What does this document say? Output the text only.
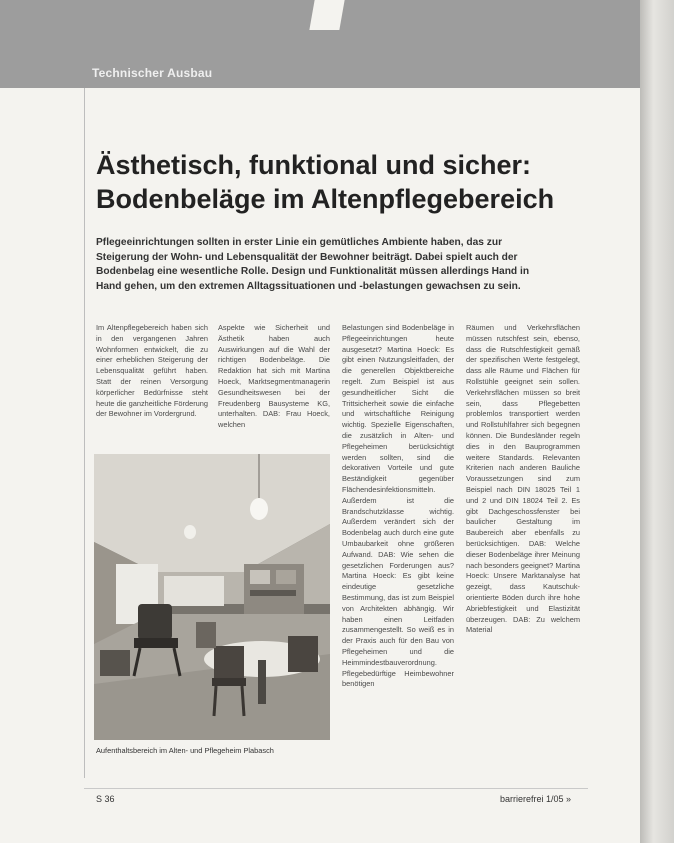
Technischer Ausbau
Ästhetisch, funktional und sicher:
Bodenbeläge im Altenpflegebereich

Pflegeeinrichtungen sollten in erster Linie ein gemütliches Ambiente haben, das zur Steigerung der Wohn- und Lebensqualität der Bewohner beiträgt. Dabei spielt auch der Bodenbelag eine wesentliche Rolle. Design und Funktionalität müssen allerdings Hand in Hand gehen, um den extremen Alltagssituationen und -belastungen gewachsen zu sein.

Im Altenpflegebereich haben sich in den vergangenen Jahren Wohnformen entwickelt, die zu einer erheblichen Steigerung der Lebensqualität geführt haben. Statt der reinen Versorgung körperlicher Bedürfnisse steht heute die ganzheitliche Förderung der Bewohner im Vordergrund.

Aspekte wie Sicherheit und Ästhetik haben auch Auswirkungen auf die Wahl der richtigen Bodenbeläge. Die Redaktion hat sich mit Martina Hoeck, Marktsegmentmanagerin Gesundheitswesen bei der Freudenberg Bausysteme KG, unterhalten. DAB: Frau Hoeck, welchen

Belastungen sind Bodenbeläge in Pflegeeinrichtungen heute ausgesetzt? Martina Hoeck: Es gibt einen Nutzungsleitfaden, der die generellen Objektbereiche regelt. Zum Beispiel ist aus gesundheitlicher Sicht die Trittsicherheit sowie die einfache und wirtschaftliche Reinigung wichtig. Spezielle Eigenschaften, die zusätzlich in Alten- und Pflegeheimen berücksichtigt werden sollten, sind die dekorativen Vorteile und gute Beständigkeit gegenüber Flächendesinfektionsmitteln. Außerdem ist die Brandschutzklasse wichtig. Außerdem verändert sich der Bodenbelag auch durch eine gute Umbaubarkeit ohne größeren Aufwand. DAB: Wie sehen die gesetzlichen Forderungen aus? Martina Hoeck: Es gibt keine eindeutige gesetzliche Bestimmung, das ist zum Beispiel von Architekten abhängig. Wir haben einen Leitfaden zusammengestellt. So weiß es in der Praxis auch für den Bau von Pflegeheimen und die Heimmindestbauverordnung. Pflegebedürftige Heimbewohner benötigen

Räumen und Verkehrsflächen müssen rutschfest sein, ebenso, dass die Rutschfestigkeit gemäß der spezifischen Werte festgelegt, dass alle Räume und Flächen für Rollstühle geeignet sein sollen. Verkehrsflächen müssen so breit sein, dass Pflegebetten problemlos transportiert werden und Rollstuhlfahrer sich begegnen können. Die Bundesländer regeln dies in den Bauprogrammen weitere Standards. Relevanten Kriterien nach anderen Bauliche Voraussetzungen sind zum Beispiel nach DIN 18025 Teil 1 und 2 und DIN 18024 Teil 2. Es gibt Dachgeschossfenster bei baulicher Gestaltung im Baubereich aber ebenfalls zu berücksichtigen. DAB: Welche dieser Bodenbeläge ihrer Meinung nach besonders geeignet? Martina Hoeck: Unsere Marktanalyse hat gezeigt, dass Kautschuk-orientierte Böden durch ihre hohe Abriebfestigkeit und Elastizität überzeugen. DAB: Zu welchem Material

Aufenthaltsbereich im Alten- und Pflegeheim Plabasch
S 36	barrierefrei 1/05 »
